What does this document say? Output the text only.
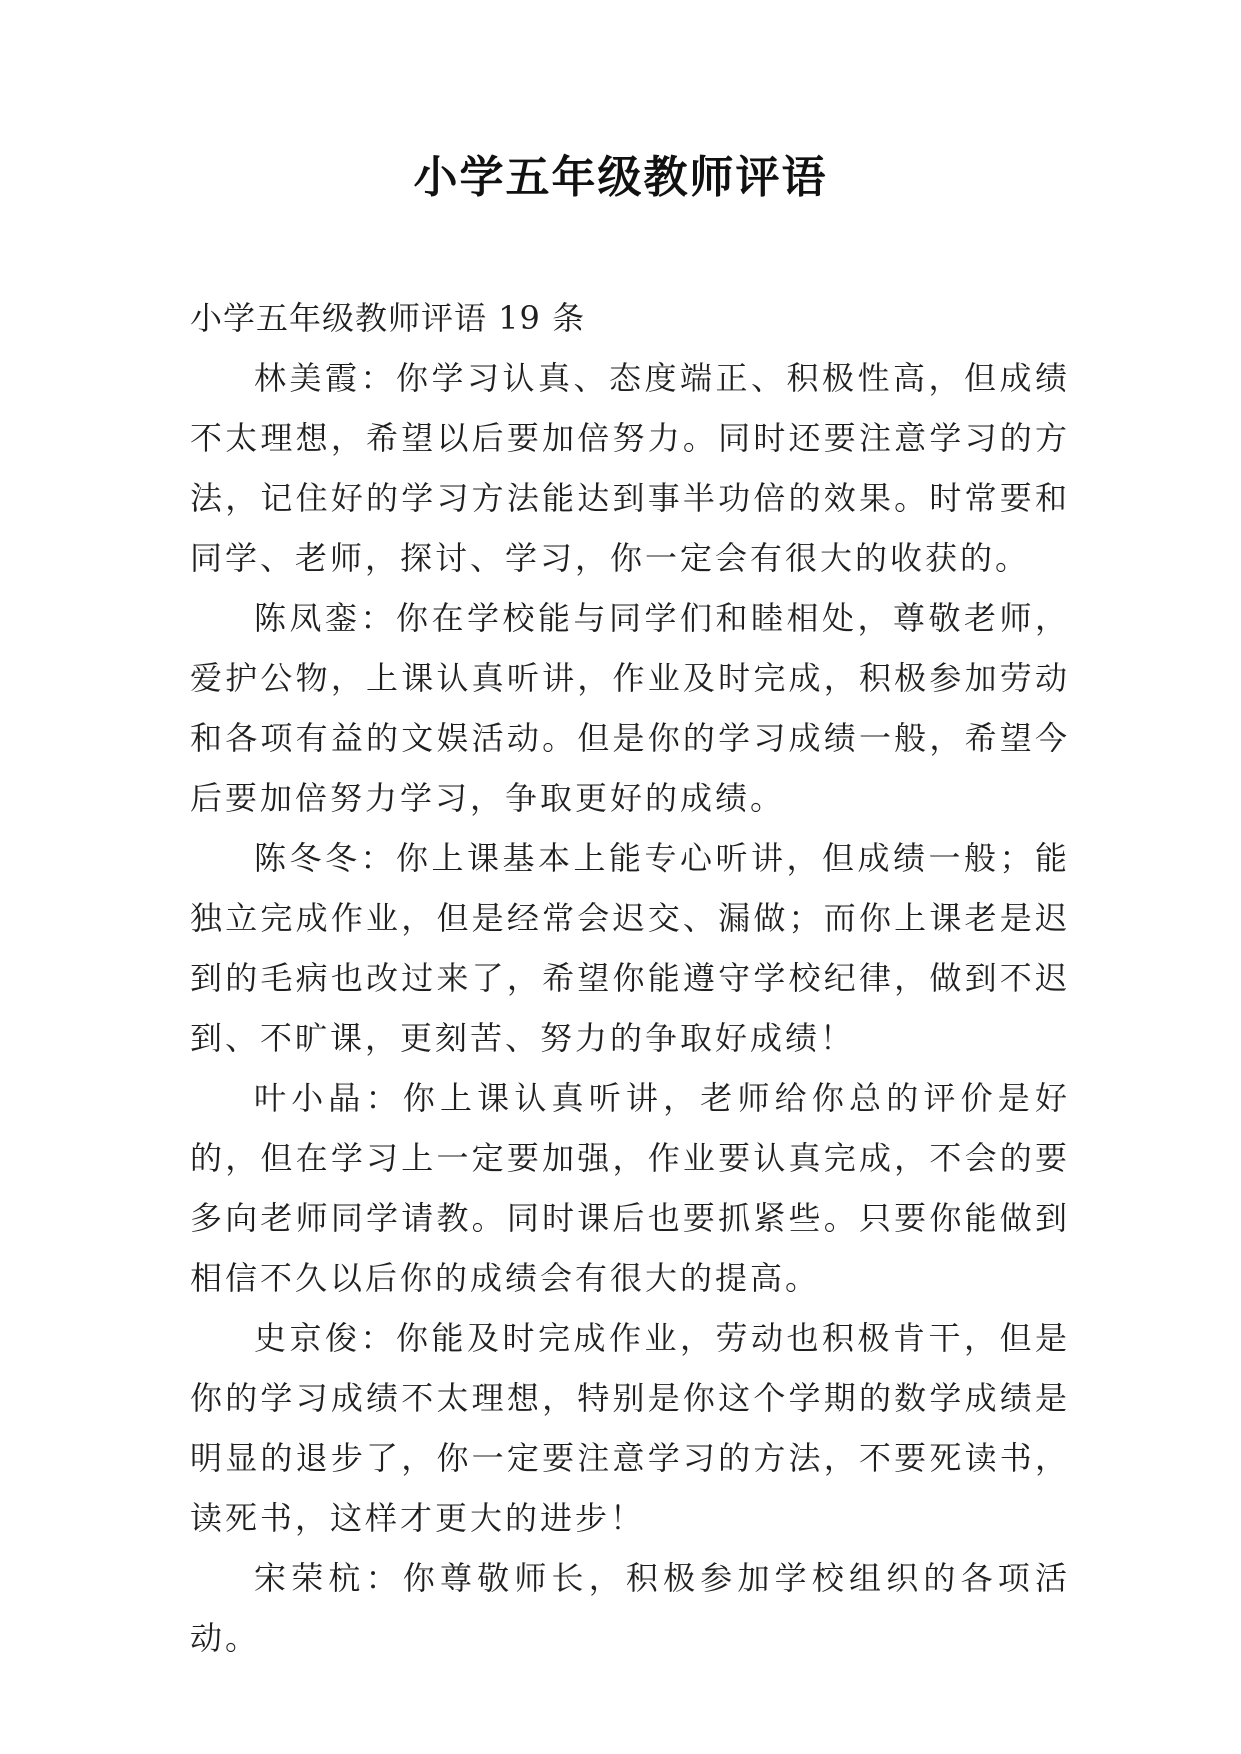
小学五年级教师评语

小学五年级教师评语 19 条

林美霞：你学习认真、态度端正、积极性高，但成绩不太理想，希望以后要加倍努力。同时还要注意学习的方法，记住好的学习方法能达到事半功倍的效果。时常要和同学、老师，探讨、学习，你一定会有很大的收获的。

陈凤銮：你在学校能与同学们和睦相处，尊敬老师，爱护公物，上课认真听讲，作业及时完成，积极参加劳动和各项有益的文娱活动。但是你的学习成绩一般，希望今后要加倍努力学习，争取更好的成绩。

陈冬冬：你上课基本上能专心听讲，但成绩一般；能独立完成作业，但是经常会迟交、漏做；而你上课老是迟到的毛病也改过来了，希望你能遵守学校纪律，做到不迟到、不旷课，更刻苦、努力的争取好成绩！

叶小晶：你上课认真听讲，老师给你总的评价是好的，但在学习上一定要加强，作业要认真完成，不会的要多向老师同学请教。同时课后也要抓紧些。只要你能做到相信不久以后你的成绩会有很大的提高。

史京俊：你能及时完成作业，劳动也积极肯干，但是你的学习成绩不太理想，特别是你这个学期的数学成绩是明显的退步了，你一定要注意学习的方法，不要死读书，读死书，这样才更大的进步！

宋荣杭：你尊敬师长，积极参加学校组织的各项活动。
